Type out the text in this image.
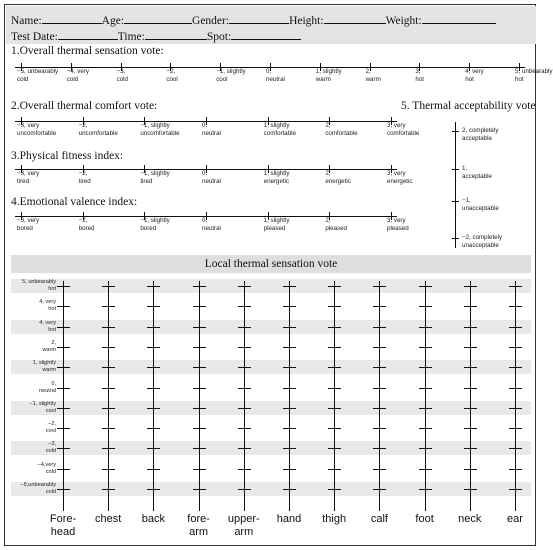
Name:	Age:	Gender:	Height:	Weight:
Test Date:	Time:	Spot:
1.Overall thermal sensation vote:
−5, unbearably
cold
−4, very
cold
−3,
cold
−2,
cool
−1, slightly
cool
0,
neutral
1, slightly
warm
2,
warm
3,
hot
4, very
hot
5, unbearably
hot
2.Overall thermal comfort vote:
−3, very
uncomfortable
−2,
uncomfortable
−1, slightly
uncomfortable
0,
neutral
1, slightly
comfortable
2,
comfortable
3, very
comfortable
3.Physical fitness index:
−3, very
tired
−2,
tired
−1, slightly
tired
0,
neutral
1, slightly
energetic
2,
energetic
3, very
energetic
4.Emotional valence index:
−3, very
bored
−2,
bored
−1, slightly
bored
0,
neutral
1, slightly
pleased
2,
pleased
3, very
pleased
5. Thermal acceptability vote
2, completely
acceptable
1,
acceptable
−1,
unacceptable
−2, completely
unacceptable
Local thermal sensation vote
5, unbearably
hot
4, very
hot
4, very
hot
2,
warm
1, slightly
warm
0,
neutral
−1, slightly
cool
−2,
cool
−3,
cold
−4,very
cold
−5,unbearably
cold
Fore-
head
chest	back	fore-
arm
upper-
arm
hand	thigh	calf	foot	neck	ear
